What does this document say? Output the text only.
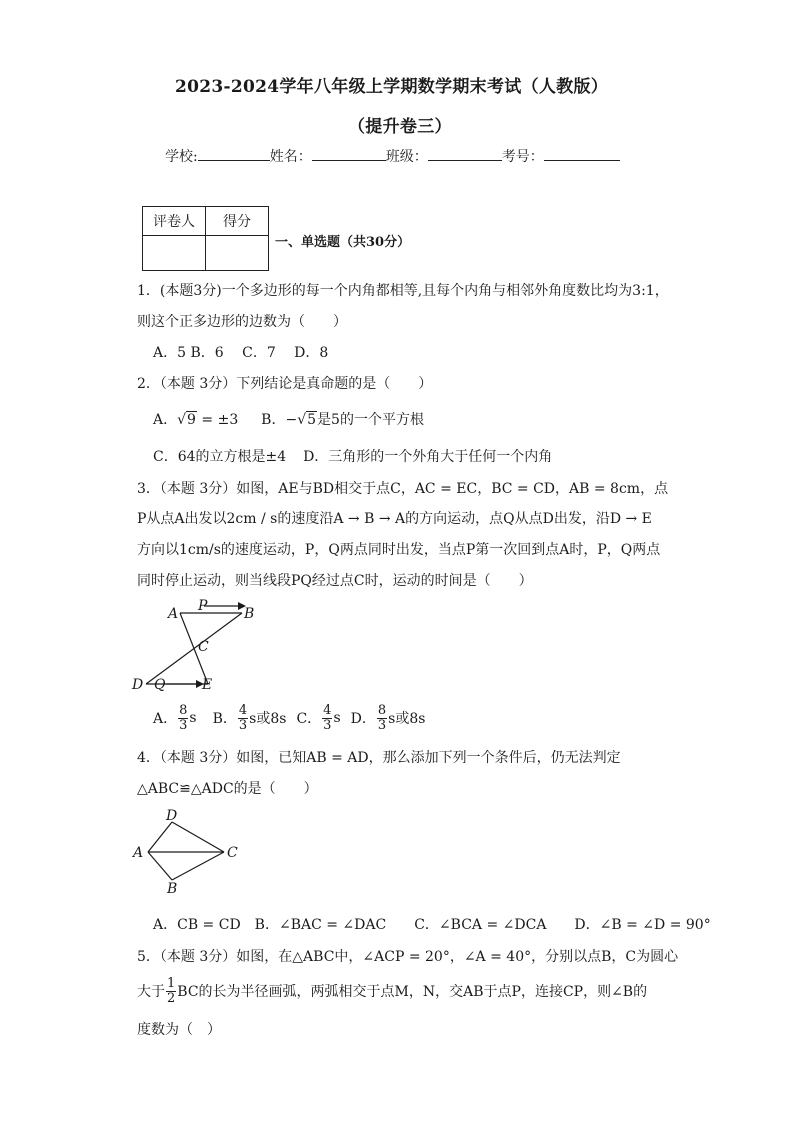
2023-2024学年八年级上学期数学期末考试（人教版）
（提升卷三）
学校:	姓名：	班级：	考号：
评卷人	得分

一、单选题（共30分）
1．(本题3分)一个多边形的每一个内角都相等,且每个内角与相邻外角度数比均为3:1，
则这个正多边形的边数为（　　）
A．5 B．6　 C．7　 D．8
2．（本题 3分）下列结论是真命题的是（　　）
A．√9 = ±3 B．−√5是5的一个平方根
C．64的立方根是±4 D．三角形的一个外角大于任何一个内角
3．（本题 3分）如图，AE与BD相交于点C，AC = EC，BC = CD，AB = 8cm，点
P从点A出发以2cm / s的速度沿A → B → A的方向运动，点Q从点D出发，沿D → E
方向以1cm/s的速度运动，P，Q两点同时出发，当点P第一次回到点A时，P，Q两点
同时停止运动，则当线段PQ经过点C时，运动的时间是（　　）
A P	B
C
D Q	E
A． $\frac{8}{3}$ s B． $\frac{4}{3}$ s或8s C． $\frac{4}{3}$ s D． $\frac{8}{3}$ s或8s
4．（本题 3分）如图，已知AB = AD，那么添加下列一个条件后，仍无法判定
△ABC≌△ADC的是（　　）
D
A	C
B
A．CB = CD　B．∠BAC = ∠DAC　　C．∠BCA = ∠DCA　　D．∠B = ∠D = 90°
5．（本题 3分）如图，在△ABC中，∠ACP = 20°，∠A = 40°，分别以点B，C为圆心
大于 $\frac{1}{2}$ BC的长为半径画弧，两弧相交于点M，N，交AB于点P，连接CP，则∠B的
度数为（　）
